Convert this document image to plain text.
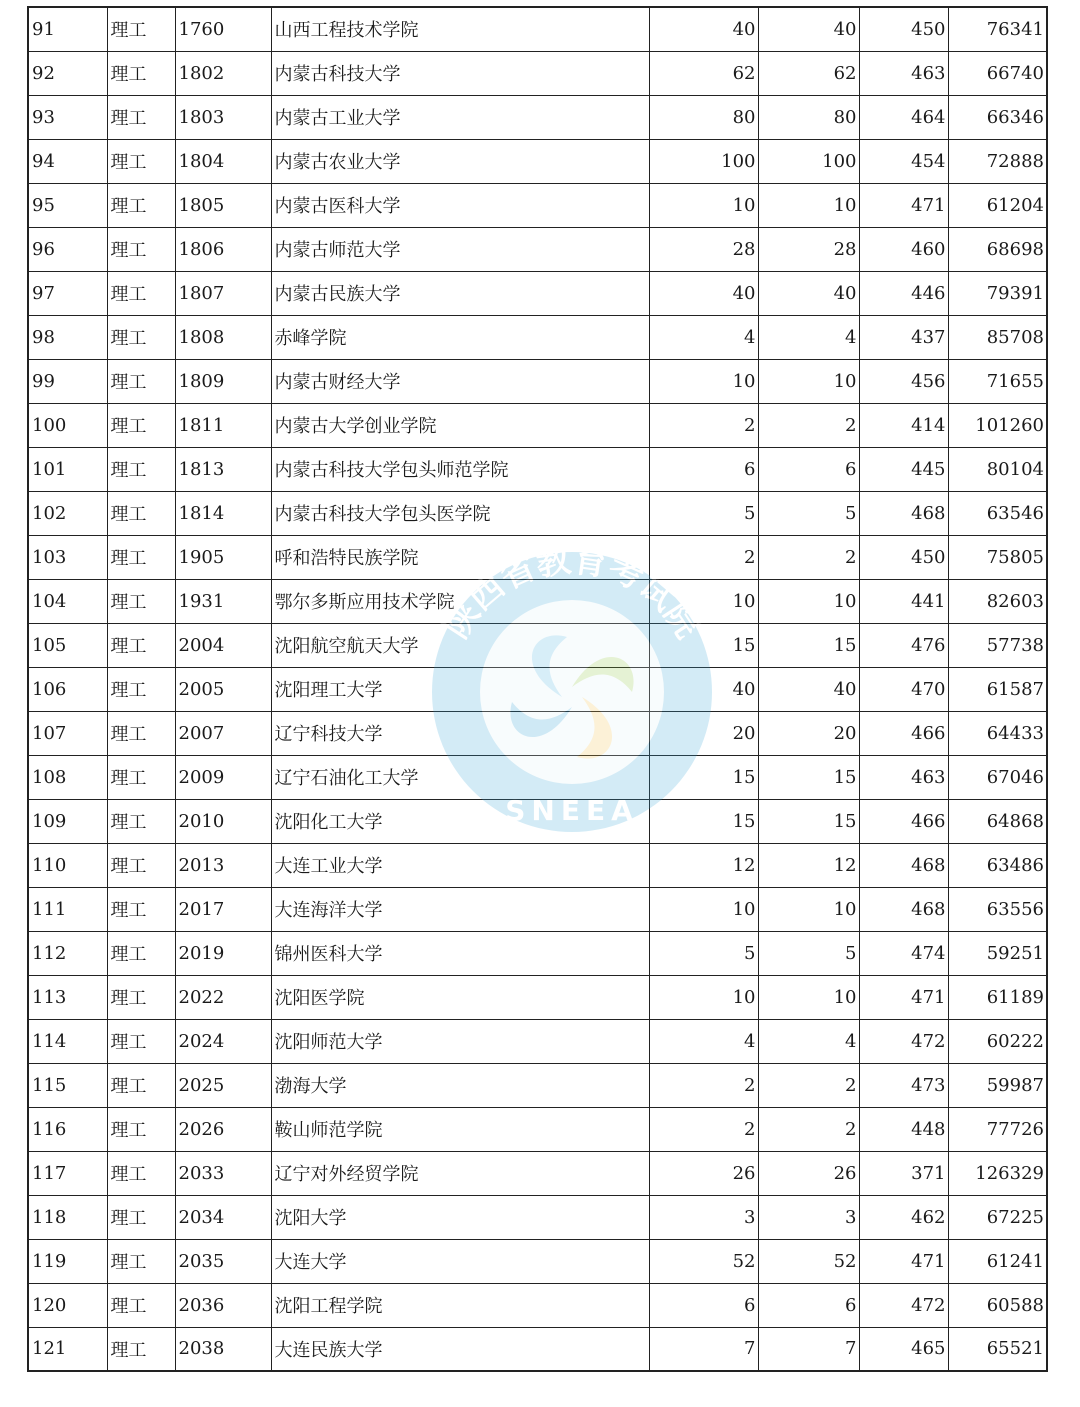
91	理工	1760	山西工程技术学院	40	40	450	76341
92	理工	1802	内蒙古科技大学	62	62	463	66740
93	理工	1803	内蒙古工业大学	80	80	464	66346
94	理工	1804	内蒙古农业大学	100	100	454	72888
95	理工	1805	内蒙古医科大学	10	10	471	61204
96	理工	1806	内蒙古师范大学	28	28	460	68698
97	理工	1807	内蒙古民族大学	40	40	446	79391
98	理工	1808	赤峰学院	4	4	437	85708
99	理工	1809	内蒙古财经大学	10	10	456	71655
100	理工	1811	内蒙古大学创业学院	2	2	414	101260
101	理工	1813	内蒙古科技大学包头师范学院	6	6	445	80104
102	理工	1814	内蒙古科技大学包头医学院	5	5	468	63546
103	理工	1905	呼和浩特民族学院	2	2	450	75805
104	理工	1931	鄂尔多斯应用技术学院	10	10	441	82603
105	理工	2004	沈阳航空航天大学	15	15	476	57738
106	理工	2005	沈阳理工大学	40	40	470	61587
107	理工	2007	辽宁科技大学	20	20	466	64433
108	理工	2009	辽宁石油化工大学	15	15	463	67046
109	理工	2010	沈阳化工大学	15	15	466	64868
110	理工	2013	大连工业大学	12	12	468	63486
111	理工	2017	大连海洋大学	10	10	468	63556
112	理工	2019	锦州医科大学	5	5	474	59251
113	理工	2022	沈阳医学院	10	10	471	61189
114	理工	2024	沈阳师范大学	4	4	472	60222
115	理工	2025	渤海大学	2	2	473	59987
116	理工	2026	鞍山师范学院	2	2	448	77726
117	理工	2033	辽宁对外经贸学院	26	26	371	126329
118	理工	2034	沈阳大学	3	3	462	67225
119	理工	2035	大连大学	52	52	471	61241
120	理工	2036	沈阳工程学院	6	6	472	60588
121	理工	2038	大连民族大学	7	7	465	65521
陕西省教育考试院
SNEEA
